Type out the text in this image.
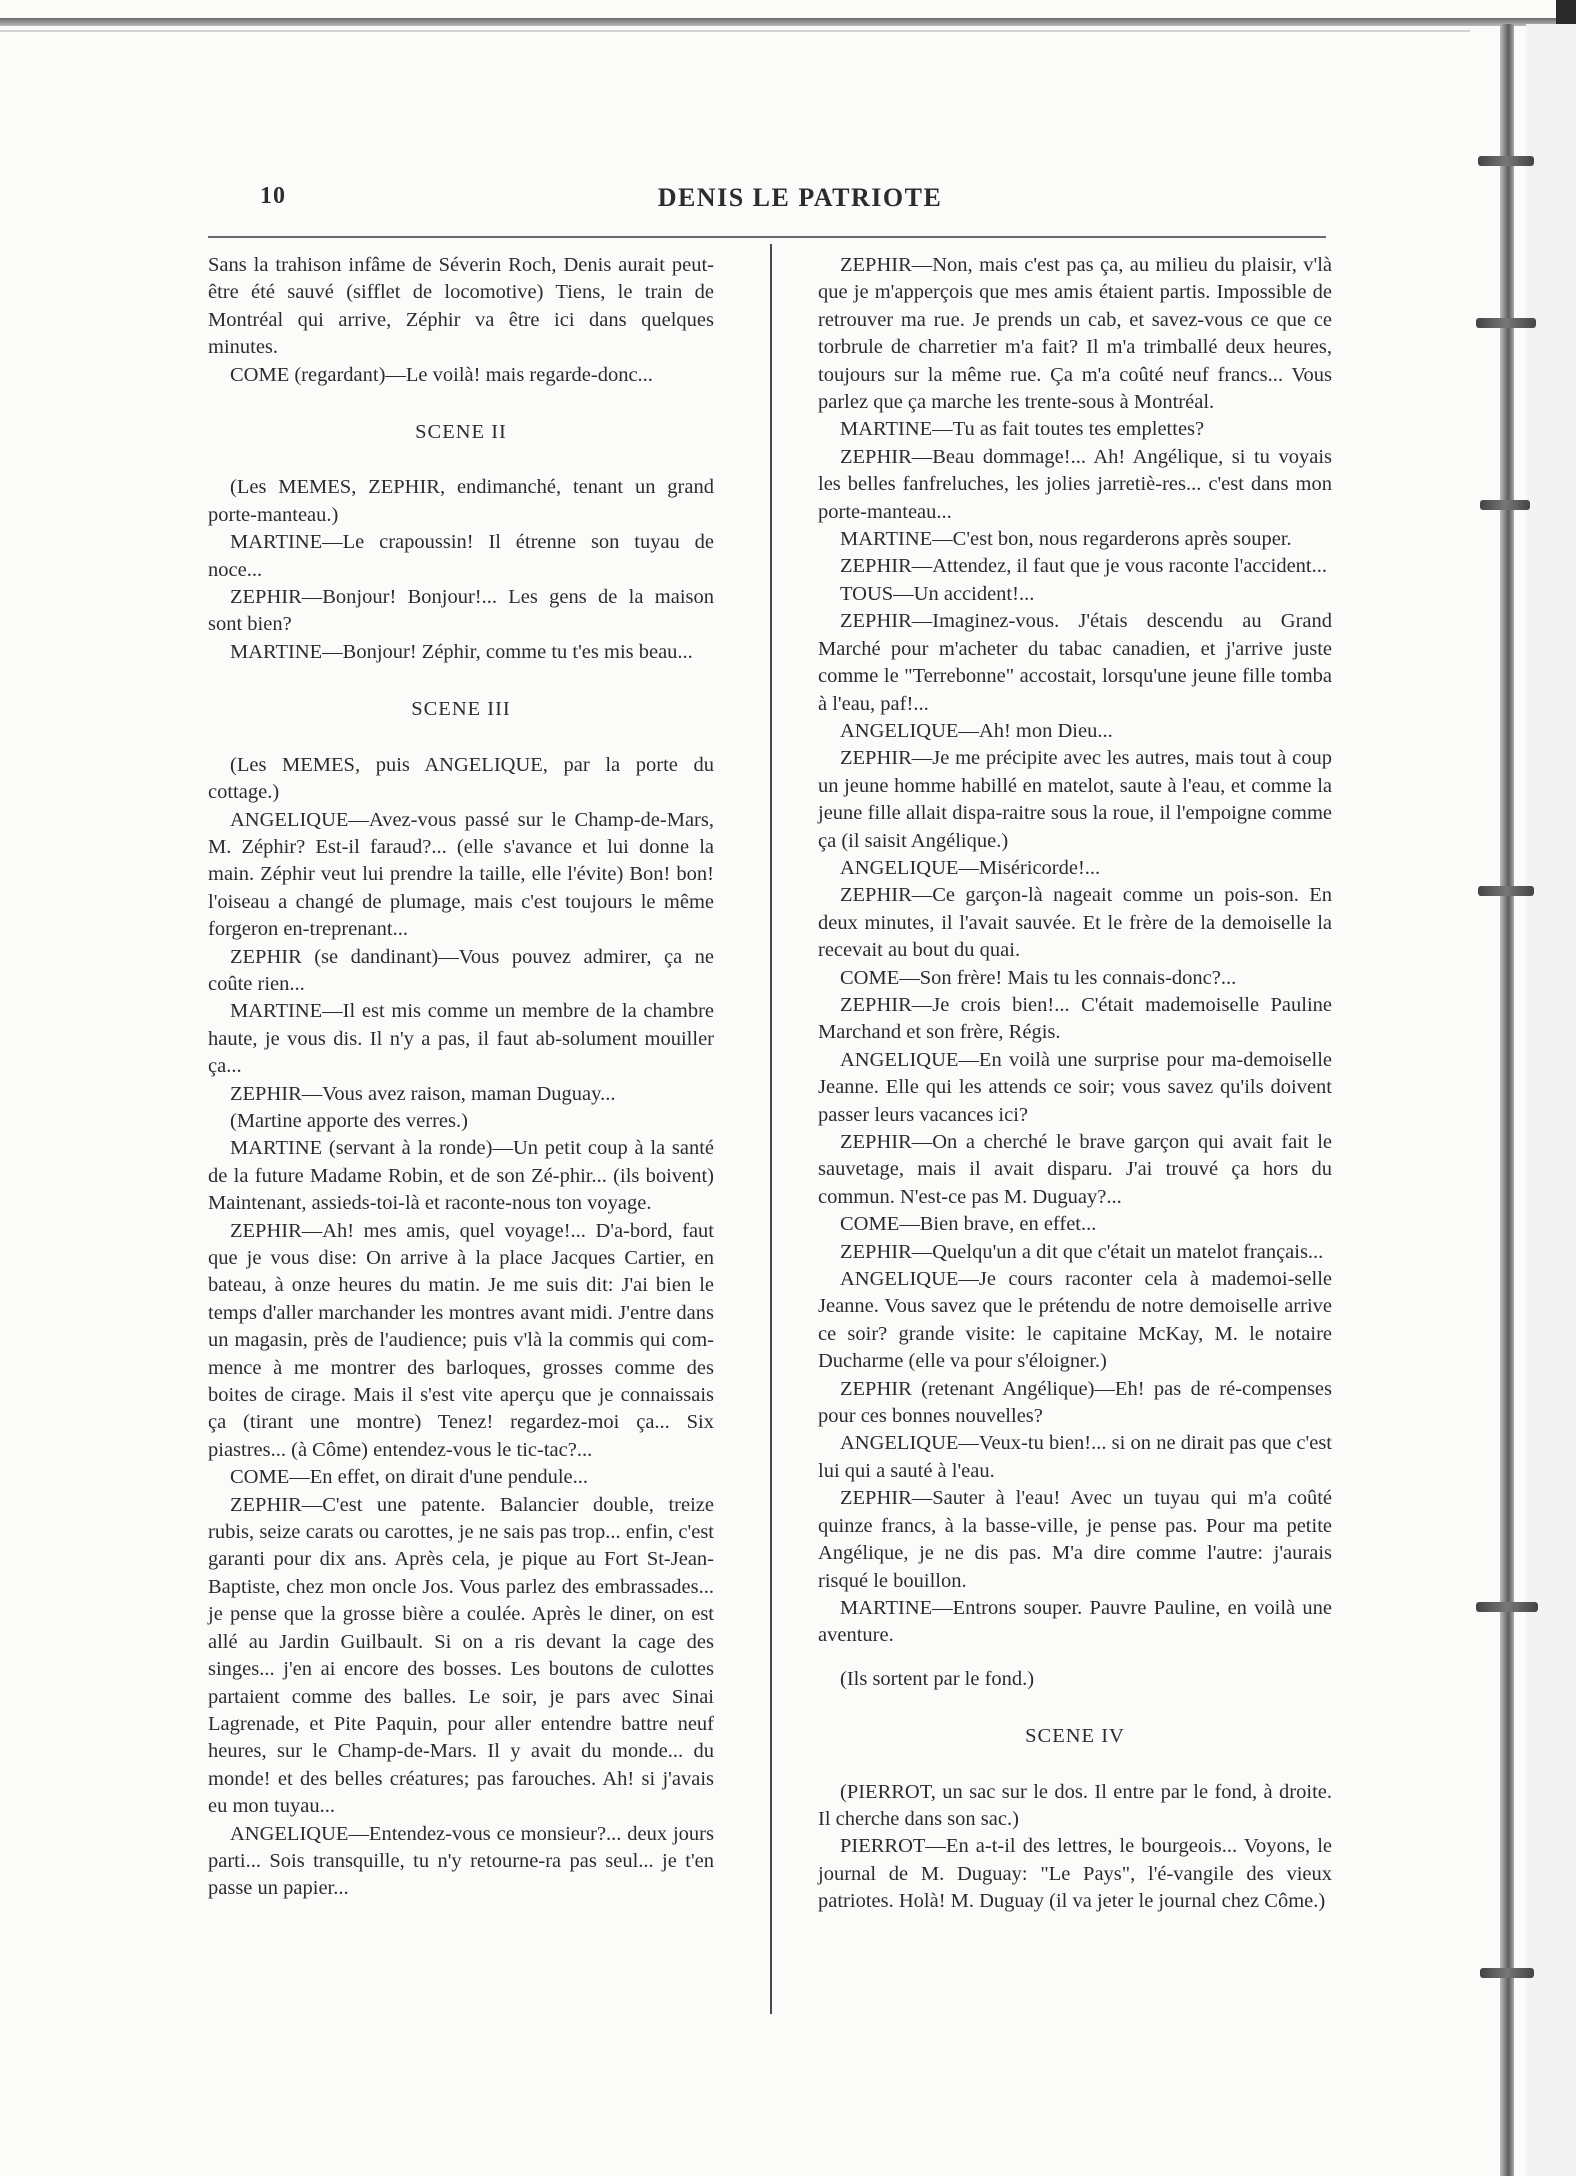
10	DENIS LE PATRIOTE

Sans la trahison infâme de Séverin Roch, Denis aurait peut-être été sauvé (sifflet de locomotive) Tiens, le train de Montréal qui arrive, Zéphir va être ici dans quelques minutes.

COME (regardant)—Le voilà! mais regarde-donc...

SCENE II

(Les MEMES, ZEPHIR, endimanché, tenant un grand porte-manteau.)

MARTINE—Le crapoussin! Il étrenne son tuyau de noce...

ZEPHIR—Bonjour! Bonjour!... Les gens de la maison sont bien?

MARTINE—Bonjour! Zéphir, comme tu t'es mis beau...

SCENE III

(Les MEMES, puis ANGELIQUE, par la porte du cottage.)

ANGELIQUE—Avez-vous passé sur le Champ-de-Mars, M. Zéphir? Est-il faraud?... (elle s'avance et lui donne la main. Zéphir veut lui prendre la taille, elle l'évite) Bon! bon! l'oiseau a changé de plumage, mais c'est toujours le même forgeron en-treprenant...

ZEPHIR (se dandinant)—Vous pouvez admirer, ça ne coûte rien...

MARTINE—Il est mis comme un membre de la chambre haute, je vous dis. Il n'y a pas, il faut ab-solument mouiller ça...

ZEPHIR—Vous avez raison, maman Duguay...

(Martine apporte des verres.)

MARTINE (servant à la ronde)—Un petit coup à la santé de la future Madame Robin, et de son Zé-phir... (ils boivent) Maintenant, assieds-toi-là et raconte-nous ton voyage.

ZEPHIR—Ah! mes amis, quel voyage!... D'a-bord, faut que je vous dise: On arrive à la place Jacques Cartier, en bateau, à onze heures du matin. Je me suis dit: J'ai bien le temps d'aller marchander les montres avant midi. J'entre dans un magasin, près de l'audience; puis v'là la commis qui com-mence à me montrer des barloques, grosses comme des boites de cirage. Mais il s'est vite aperçu que je connaissais ça (tirant une montre) Tenez! regardez-moi ça... Six piastres... (à Côme) entendez-vous le tic-tac?...

COME—En effet, on dirait d'une pendule...

ZEPHIR—C'est une patente. Balancier double, treize rubis, seize carats ou carottes, je ne sais pas trop... enfin, c'est garanti pour dix ans. Après cela, je pique au Fort St-Jean-Baptiste, chez mon oncle Jos. Vous parlez des embrassades... je pense que la grosse bière a coulée. Après le diner, on est allé au Jardin Guilbault. Si on a ris devant la cage des singes... j'en ai encore des bosses. Les boutons de culottes partaient comme des balles. Le soir, je pars avec Sinai Lagrenade, et Pite Paquin, pour aller entendre battre neuf heures, sur le Champ-de-Mars. Il y avait du monde... du monde! et des belles créatures; pas farouches. Ah! si j'avais eu mon tuyau...

ANGELIQUE—Entendez-vous ce monsieur?... deux jours parti... Sois transquille, tu n'y retourne-ra pas seul... je t'en passe un papier...

ZEPHIR—Non, mais c'est pas ça, au milieu du plaisir, v'là que je m'apperçois que mes amis étaient partis. Impossible de retrouver ma rue. Je prends un cab, et savez-vous ce que ce torbrule de charretier m'a fait? Il m'a trimballé deux heures, toujours sur la même rue. Ça m'a coûté neuf francs... Vous parlez que ça marche les trente-sous à Montréal.

MARTINE—Tu as fait toutes tes emplettes?

ZEPHIR—Beau dommage!... Ah! Angélique, si tu voyais les belles fanfreluches, les jolies jarretiè-res... c'est dans mon porte-manteau...

MARTINE—C'est bon, nous regarderons après souper.

ZEPHIR—Attendez, il faut que je vous raconte l'accident...

TOUS—Un accident!...

ZEPHIR—Imaginez-vous. J'étais descendu au Grand Marché pour m'acheter du tabac canadien, et j'arrive juste comme le "Terrebonne" accostait, lorsqu'une jeune fille tomba à l'eau, paf!...

ANGELIQUE—Ah! mon Dieu...

ZEPHIR—Je me précipite avec les autres, mais tout à coup un jeune homme habillé en matelot, saute à l'eau, et comme la jeune fille allait dispa-raitre sous la roue, il l'empoigne comme ça (il saisit Angélique.)

ANGELIQUE—Miséricorde!...

ZEPHIR—Ce garçon-là nageait comme un pois-son. En deux minutes, il l'avait sauvée. Et le frère de la demoiselle la recevait au bout du quai.

COME—Son frère! Mais tu les connais-donc?...

ZEPHIR—Je crois bien!... C'était mademoiselle Pauline Marchand et son frère, Régis.

ANGELIQUE—En voilà une surprise pour ma-demoiselle Jeanne. Elle qui les attends ce soir; vous savez qu'ils doivent passer leurs vacances ici?

ZEPHIR—On a cherché le brave garçon qui avait fait le sauvetage, mais il avait disparu. J'ai trouvé ça hors du commun. N'est-ce pas M. Duguay?...

COME—Bien brave, en effet...

ZEPHIR—Quelqu'un a dit que c'était un matelot français...

ANGELIQUE—Je cours raconter cela à mademoi-selle Jeanne. Vous savez que le prétendu de notre demoiselle arrive ce soir? grande visite: le capitaine McKay, M. le notaire Ducharme (elle va pour s'éloigner.)

ZEPHIR (retenant Angélique)—Eh! pas de ré-compenses pour ces bonnes nouvelles?

ANGELIQUE—Veux-tu bien!... si on ne dirait pas que c'est lui qui a sauté à l'eau.

ZEPHIR—Sauter à l'eau! Avec un tuyau qui m'a coûté quinze francs, à la basse-ville, je pense pas. Pour ma petite Angélique, je ne dis pas. M'a dire comme l'autre: j'aurais risqué le bouillon.

MARTINE—Entrons souper. Pauvre Pauline, en voilà une aventure.

(Ils sortent par le fond.)

SCENE IV

(PIERROT, un sac sur le dos. Il entre par le fond, à droite. Il cherche dans son sac.)

PIERROT—En a-t-il des lettres, le bourgeois... Voyons, le journal de M. Duguay: "Le Pays", l'é-vangile des vieux patriotes. Holà! M. Duguay (il va jeter le journal chez Côme.)
